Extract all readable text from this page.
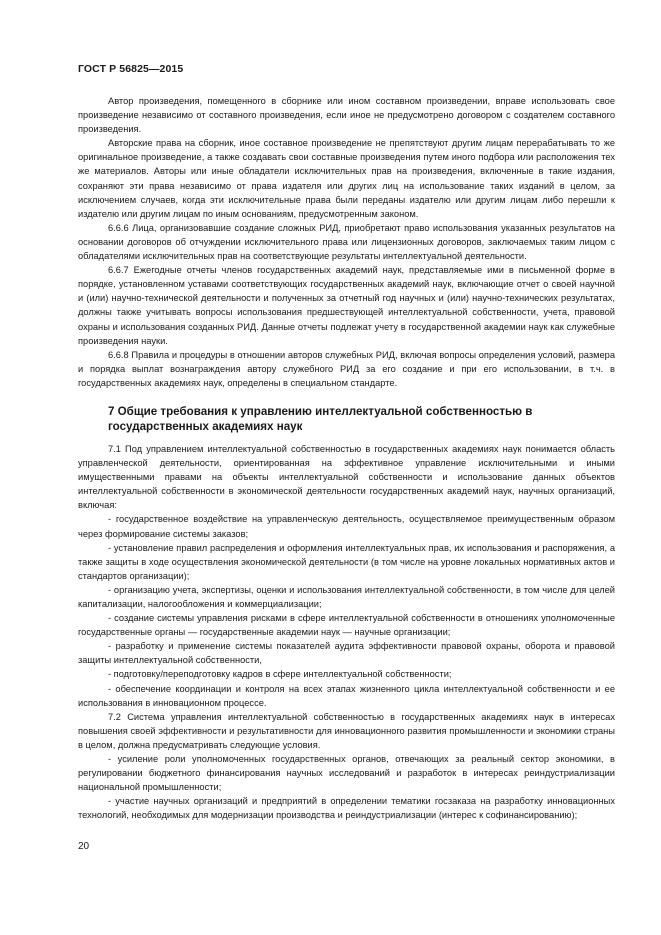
ГОСТ Р 56825—2015

Автор произведения, помещенного в сборнике или ином составном произведении, вправе использовать свое произведение независимо от составного произведения, если иное не предусмотрено договором с создателем составного произведения.

Авторские права на сборник, иное составное произведение не препятствуют другим лицам перерабатывать то же оригинальное произведение, а также создавать свои составные произведения путем иного подбора или расположения тех же материалов. Авторы или иные обладатели исключительных прав на произведения, включенные в такие издания, сохраняют эти права независимо от права издателя или других лиц на использование таких изданий в целом, за исключением случаев, когда эти исключительные права были переданы издателю или другим лицам либо перешли к издателю или другим лицам по иным основаниям, предусмотренным законом.

6.6.6 Лица, организовавшие создание сложных РИД, приобретают право использования указанных результатов на основании договоров об отчуждении исключительного права или лицензионных договоров, заключаемых таким лицом с обладателями исключительных прав на соответствующие результаты интеллектуальной деятельности.

6.6.7 Ежегодные отчеты членов государственных академий наук, представляемые ими в письменной форме в порядке, установленном уставами соответствующих государственных академий наук, включающие отчет о своей научной и (или) научно-технической деятельности и полученных за отчетный год научных и (или) научно-технических результатах, должны также учитывать вопросы использования предшествующей интеллектуальной собственности, учета, правовой охраны и использования созданных РИД. Данные отчеты подлежат учету в государственной академии наук как служебные произведения науки.

6.6.8 Правила и процедуры в отношении авторов служебных РИД, включая вопросы определения условий, размера и порядка выплат вознаграждения автору служебного РИД за его создание и при его использовании, в т.ч. в государственных академиях наук, определены в специальном стандарте.

7 Общие требования к управлению интеллектуальной собственностью в государственных академиях наук

7.1 Под управлением интеллектуальной собственностью в государственных академиях наук понимается область управленческой деятельности, ориентированная на эффективное управление исключительными и иными имущественными правами на объекты интеллектуальной собственности и использование данных объектов интеллектуальной собственности в экономической деятельности государственных академий наук, научных организаций, включая:

- государственное воздействие на управленческую деятельность, осуществляемое преимущественным образом через формирование системы заказов;

- установление правил распределения и оформления интеллектуальных прав, их использования и распоряжения, а также защиты в ходе осуществления экономической деятельности (в том числе на уровне локальных нормативных актов и стандартов организации);

- организацию учета, экспертизы, оценки и использования интеллектуальной собственности, в том числе для целей капитализации, налогообложения и коммерциализации;

- создание системы управления рисками в сфере интеллектуальной собственности в отношениях уполномоченные государственные органы — государственные академии наук — научные организации;

- разработку и применение системы показателей аудита эффективности правовой охраны, оборота и правовой защиты интеллектуальной собственности,

- подготовку/переподготовку кадров в сфере интеллектуальной собственности;

- обеспечение координации и контроля на всех этапах жизненного цикла интеллектуальной собственности и ее использования в инновационном процессе.

7.2 Система управления интеллектуальной собственностью в государственных академиях наук в интересах повышения своей эффективности и результативности для инновационного развития промышленности и экономики страны в целом, должна предусматривать следующие условия.

- усиление роли уполномоченных государственных органов, отвечающих за реальный сектор экономики, в регулировании бюджетного финансирования научных исследований и разработок в интересах реиндустриализации национальной промышленности;

- участие научных организаций и предприятий в определении тематики госзаказа на разработку инновационных технологий, необходимых для модернизации производства и реиндустриализации (интерес к софинансированию);

20
